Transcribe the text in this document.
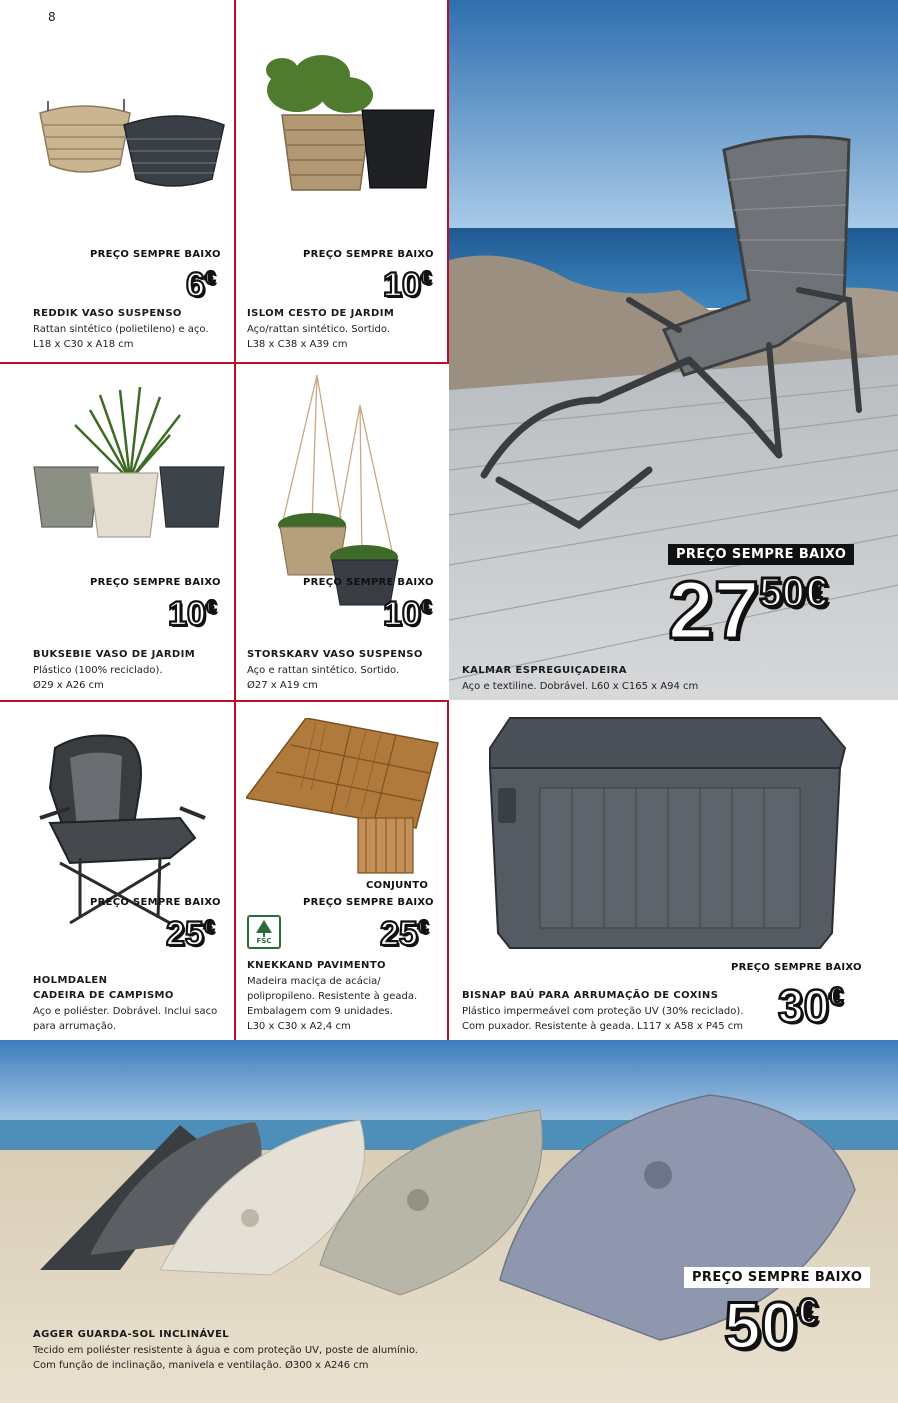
8
PREÇO SEMPRE BAIXO
6€
REDDIK VASO SUSPENSO
Rattan sintético (polietileno) e aço.
L18 x C30 x A18 cm
PREÇO SEMPRE BAIXO
10€
ISLOM CESTO DE JARDIM
Aço/rattan sintético. Sortido.
L38 x C38 x A39 cm
PREÇO SEMPRE BAIXO
10€
BUKSEBIE VASO DE JARDIM
Plástico (100% reciclado).
Ø29 x A26 cm
PREÇO SEMPRE BAIXO
10€
STORSKARV VASO SUSPENSO
Aço e rattan sintético. Sortido.
Ø27 x A19 cm
PREÇO SEMPRE BAIXO
$27^{50€}$
KALMAR ESPREGUIÇADEIRA
Aço e textiline. Dobrável. L60 x C165 x A94 cm
PREÇO SEMPRE BAIXO
25€
HOLMDALEN
CADEIRA DE CAMPISMO
Aço e poliéster. Dobrável. Inclui saco
para arrumação.
CONJUNTO
PREÇO SEMPRE BAIXO
FSC	25€
KNEKKAND PAVIMENTO
Madeira maciça de acácia/
polipropileno. Resistente à geada.
Embalagem com 9 unidades.
L30 x C30 x A2,4 cm
PREÇO SEMPRE BAIXO
BISNAP BAÚ PARA ARRUMAÇÃO DE COXINS
Plástico impermeável com proteção UV (30% reciclado).
Com puxador. Resistente à geada. L117 x A58 x P45 cm 30€
PREÇO SEMPRE BAIXO
50€
AGGER GUARDA-SOL INCLINÁVEL
Tecido em poliéster resistente à água e com proteção UV, poste de alumínio.
Com função de inclinação, manivela e ventilação. Ø300 x A246 cm
